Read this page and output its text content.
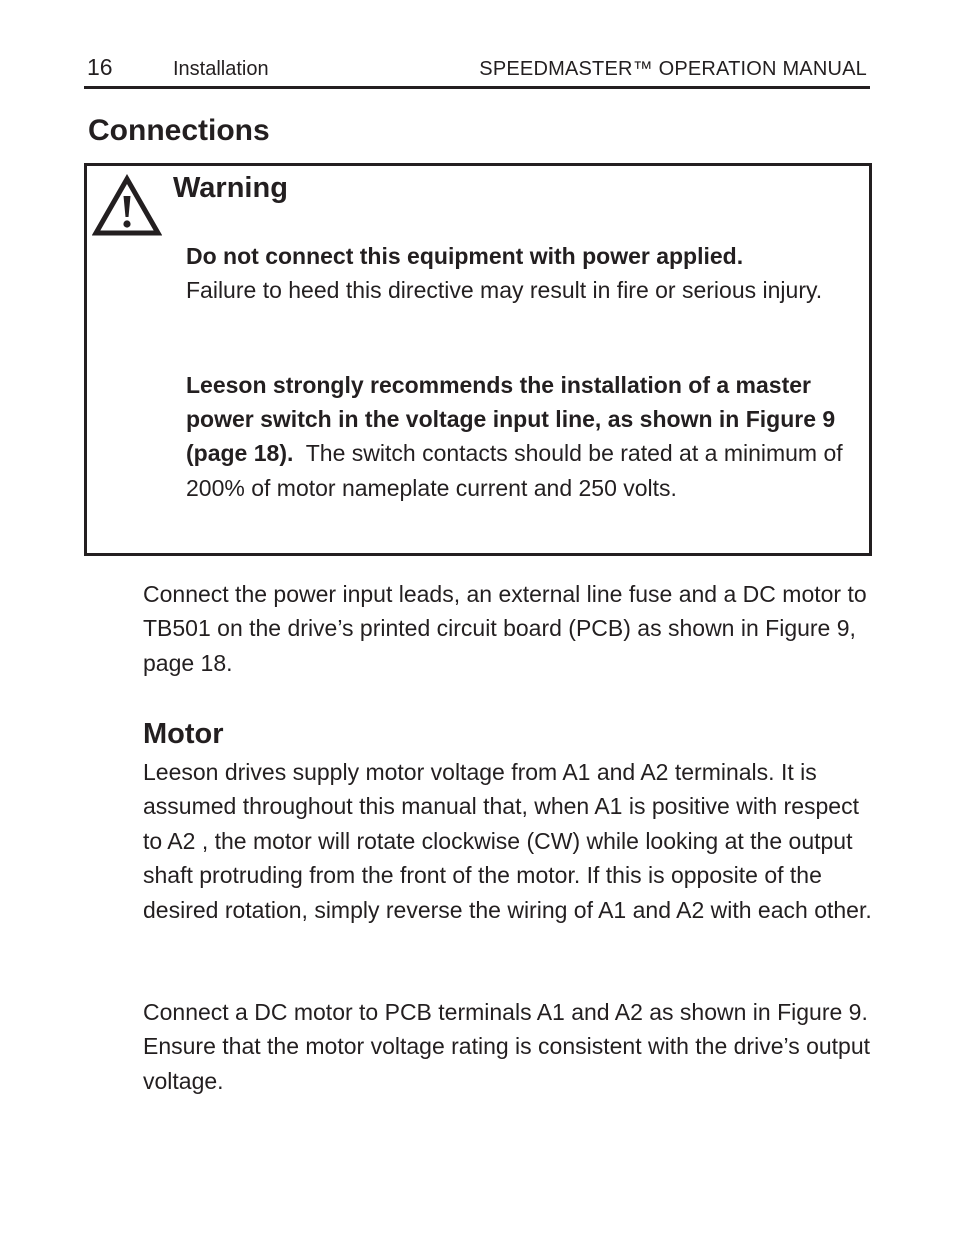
16	Installation	SPEEDMASTER™ OPERATION MANUAL
Connections
Warning

Do not connect this equipment with power applied.
Failure to heed this directive may result in fire or serious injury.

Leeson strongly recommends the installation of a master power switch in the voltage input line, as shown in Figure 9 (page 18). The switch contacts should be rated at a minimum of 200% of motor nameplate current and 250 volts.

Connect the power input leads, an external line fuse and a DC motor to TB501 on the drive’s printed circuit board (PCB) as shown in Figure 9, page 18.

Motor

Leeson drives supply motor voltage from A1 and A2 terminals. It is assumed throughout this manual that, when A1 is positive with respect to A2 , the motor will rotate clockwise (CW) while looking at the output shaft protruding from the front of the motor. If this is opposite of the desired rotation, simply reverse the wiring of A1 and A2 with each other.

Connect a DC motor to PCB terminals A1 and A2 as shown in Figure 9. Ensure that the motor voltage rating is consistent with the drive’s output voltage.
